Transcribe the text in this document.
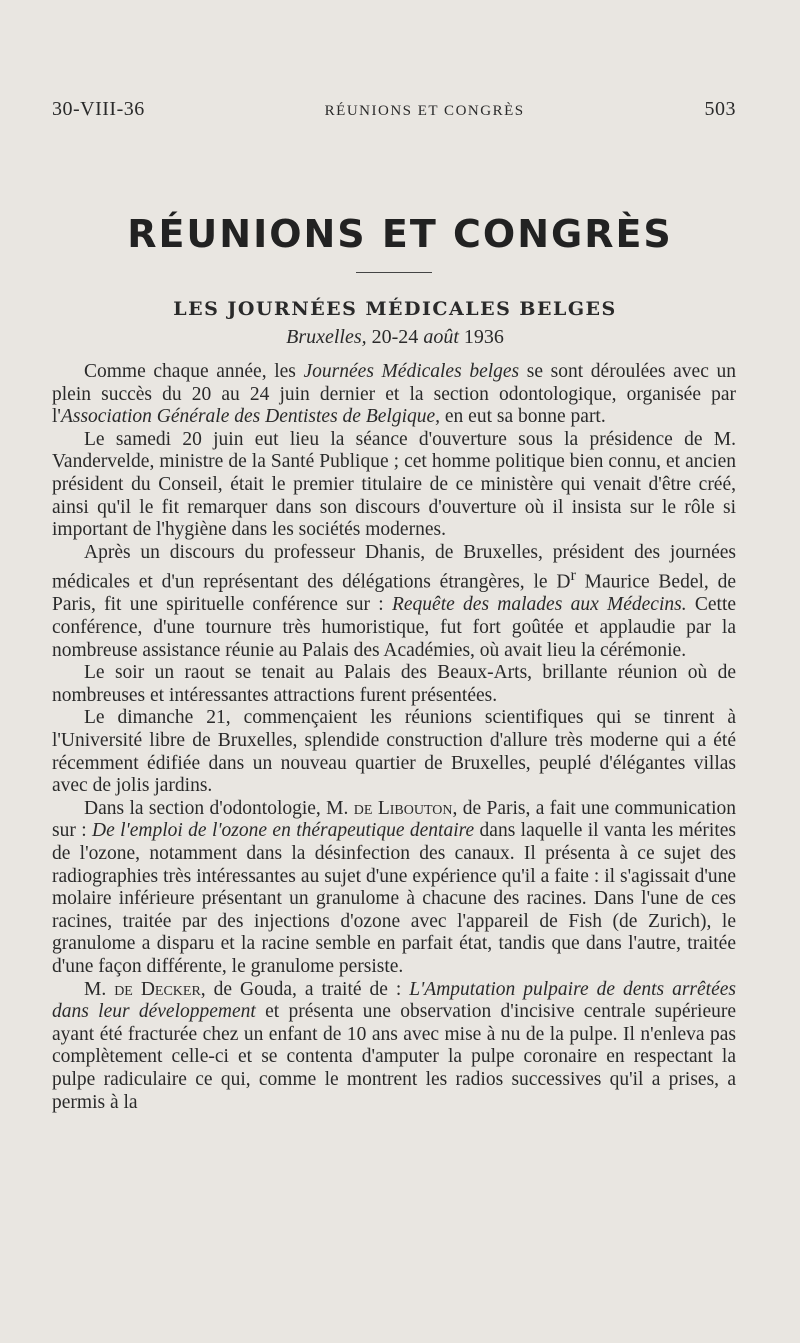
30-VIII-36	RÉUNIONS ET CONGRÈS	503
RÉUNIONS ET CONGRÈS
LES JOURNÉES MÉDICALES BELGES
Bruxelles, 20-24 août 1936

Comme chaque année, les Journées Médicales belges se sont déroulées avec un plein succès du 20 au 24 juin dernier et la section odontologique, organisée par l'Association Générale des Dentistes de Belgique, en eut sa bonne part.

Le samedi 20 juin eut lieu la séance d'ouverture sous la présidence de M. Vandervelde, ministre de la Santé Publique ; cet homme politique bien connu, et ancien président du Conseil, était le premier titulaire de ce ministère qui venait d'être créé, ainsi qu'il le fit remarquer dans son discours d'ouverture où il insista sur le rôle si important de l'hygiène dans les sociétés modernes.

Après un discours du professeur Dhanis, de Bruxelles, président des journées médicales et d'un représentant des délégations étrangères, le $D^r$ Maurice Bedel, de Paris, fit une spirituelle conférence sur : Requête des malades aux Médecins. Cette conférence, d'une tournure très humoristique, fut fort goûtée et applaudie par la nombreuse assistance réunie au Palais des Académies, où avait lieu la cérémonie.

Le soir un raout se tenait au Palais des Beaux-Arts, brillante réunion où de nombreuses et intéressantes attractions furent présentées.

Le dimanche 21, commençaient les réunions scientifiques qui se tinrent à l'Université libre de Bruxelles, splendide construction d'allure très moderne qui a été récemment édifiée dans un nouveau quartier de Bruxelles, peuplé d'élégantes villas avec de jolis jardins.

Dans la section d'odontologie, M. de Libouton, de Paris, a fait une communication sur : De l'emploi de l'ozone en thérapeutique dentaire dans laquelle il vanta les mérites de l'ozone, notamment dans la désinfection des canaux. Il présenta à ce sujet des radiographies très intéressantes au sujet d'une expérience qu'il a faite : il s'agissait d'une molaire inférieure présentant un granulome à chacune des racines. Dans l'une de ces racines, traitée par des injections d'ozone avec l'appareil de Fish (de Zurich), le granulome a disparu et la racine semble en parfait état, tandis que dans l'autre, traitée d'une façon différente, le granulome persiste.

M. de Decker, de Gouda, a traité de : L'Amputation pulpaire de dents arrêtées dans leur développement et présenta une observation d'incisive centrale supérieure ayant été fracturée chez un enfant de 10 ans avec mise à nu de la pulpe. Il n'enleva pas complètement celle-ci et se contenta d'amputer la pulpe coronaire en respectant la pulpe radiculaire ce qui, comme le montrent les radios successives qu'il a prises, a permis à la
